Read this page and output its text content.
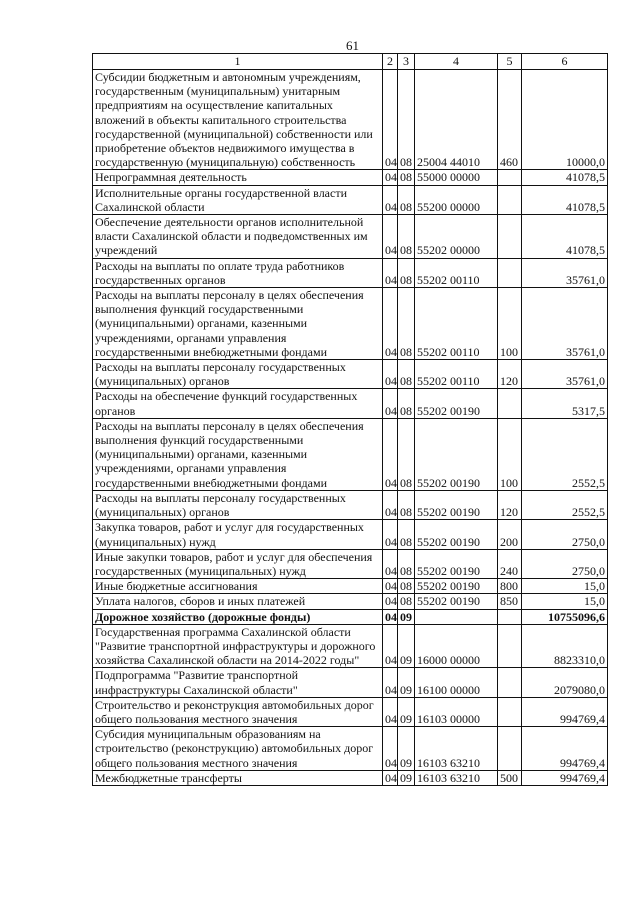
61
1	2	3	4	5	6
Субсидии бюджетным и автономным учреждениям, государственным (муниципальным) унитарным предприятиям на осуществление капитальных вложений в объекты капитального строительства государственной (муниципальной) собственности или приобретение объектов недвижимого имущества в государственную (муниципальную) собственность	04	08	25004 44010	460	10000,0
Непрограммная деятельность	04	08	55000 00000		41078,5
Исполнительные органы государственной власти Сахалинской области	04	08	55200 00000		41078,5
Обеспечение деятельности органов исполнительной власти Сахалинской области и подведомственных им учреждений	04	08	55202 00000		41078,5
Расходы на выплаты по оплате труда работников государственных органов	04	08	55202 00110		35761,0
Расходы на выплаты персоналу в целях обеспечения выполнения функций государственными (муниципальными) органами, казенными учреждениями, органами управления государственными внебюджетными фондами	04	08	55202 00110	100	35761,0
Расходы на выплаты персоналу государственных (муниципальных) органов	04	08	55202 00110	120	35761,0
Расходы на обеспечение функций государственных органов	04	08	55202 00190		5317,5
Расходы на выплаты персоналу в целях обеспечения выполнения функций государственными (муниципальными) органами, казенными учреждениями, органами управления государственными внебюджетными фондами	04	08	55202 00190	100	2552,5
Расходы на выплаты персоналу государственных (муниципальных) органов	04	08	55202 00190	120	2552,5
Закупка товаров, работ и услуг для государственных (муниципальных) нужд	04	08	55202 00190	200	2750,0
Иные закупки товаров, работ и услуг для обеспечения государственных (муниципальных) нужд	04	08	55202 00190	240	2750,0
Иные бюджетные ассигнования	04	08	55202 00190	800	15,0
Уплата налогов, сборов и иных платежей	04	08	55202 00190	850	15,0
Дорожное хозяйство (дорожные фонды)	04	09			10755096,6
Государственная программа Сахалинской области "Развитие транспортной инфраструктуры и дорожного хозяйства Сахалинской области на 2014-2022 годы"	04	09	16000 00000		8823310,0
Подпрограмма "Развитие транспортной инфраструктуры Сахалинской области"	04	09	16100 00000		2079080,0
Строительство и реконструкция автомобильных дорог общего пользования местного значения	04	09	16103 00000		994769,4
Субсидия муниципальным образованиям на строительство (реконструкцию) автомобильных дорог общего пользования местного значения	04	09	16103 63210		994769,4
Межбюджетные трансферты	04	09	16103 63210	500	994769,4
